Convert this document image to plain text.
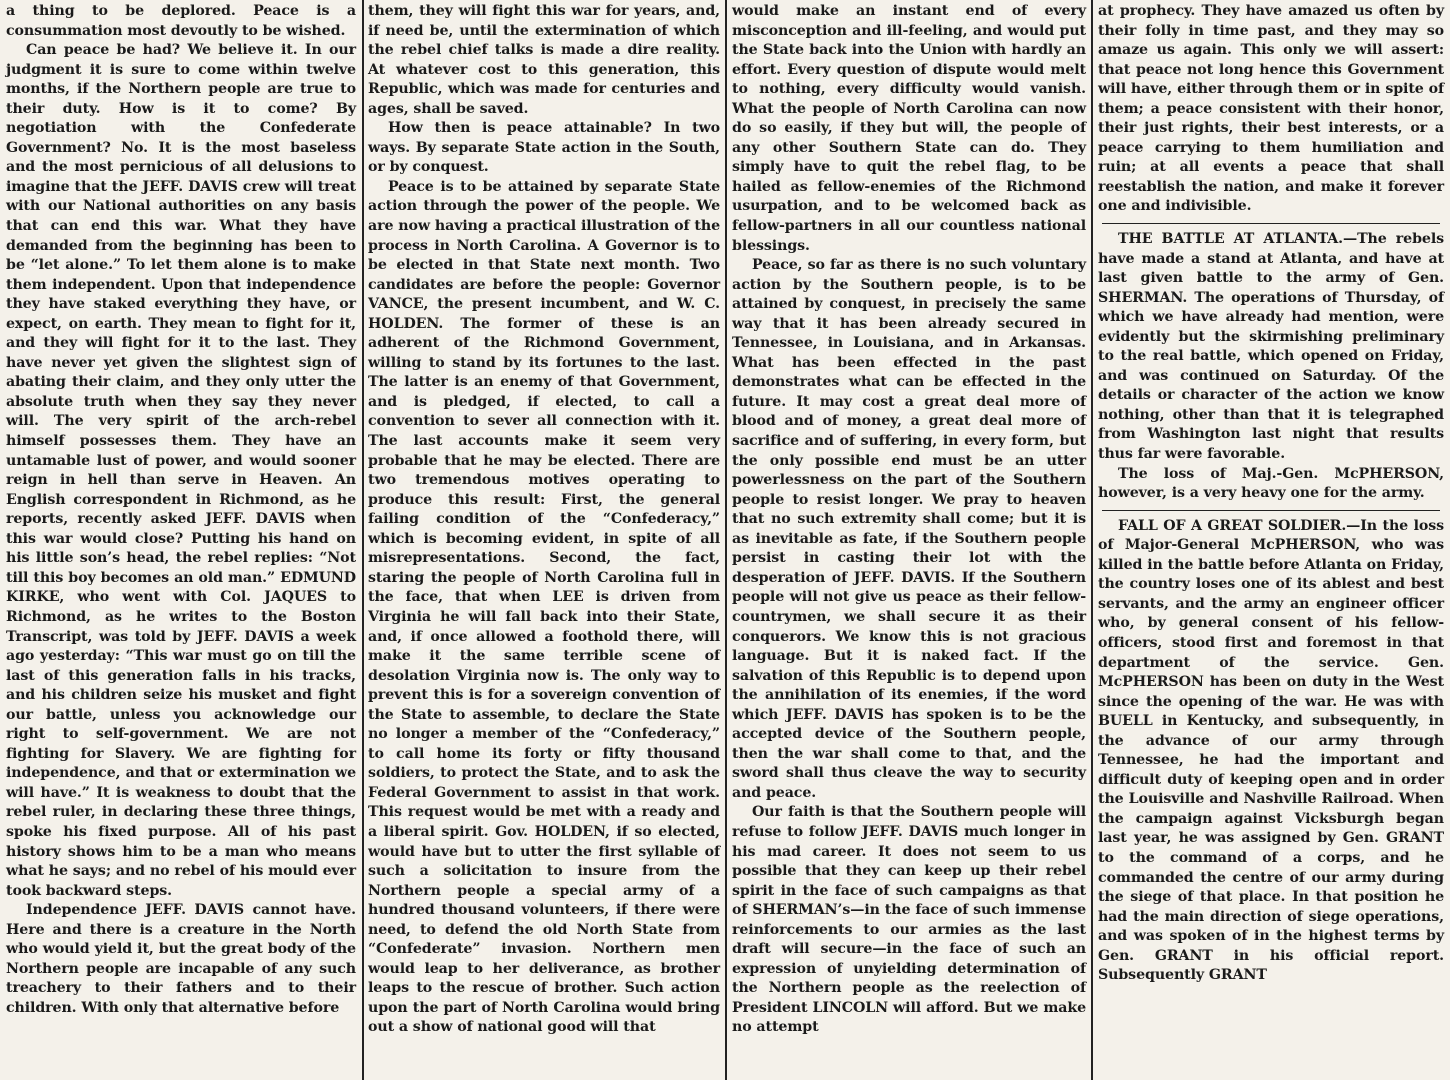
a thing to be deplored. Peace is a consummation most devoutly to be wished.

Can peace be had? We believe it. In our judgment it is sure to come within twelve months, if the Northern people are true to their duty. How is it to come? By negotiation with the Confederate Government? No. It is the most baseless and the most pernicious of all delusions to imagine that the JEFF. DAVIS crew will treat with our National authorities on any basis that can end this war. What they have demanded from the beginning has been to be “let alone.” To let them alone is to make them independent. Upon that independence they have staked everything they have, or expect, on earth. They mean to fight for it, and they will fight for it to the last. They have never yet given the slightest sign of abating their claim, and they only utter the absolute truth when they say they never will. The very spirit of the arch-rebel himself possesses them. They have an untamable lust of power, and would sooner reign in hell than serve in Heaven. An English correspondent in Richmond, as he reports, recently asked JEFF. DAVIS when this war would close? Putting his hand on his little son’s head, the rebel replies: “Not till this boy becomes an old man.” EDMUND KIRKE, who went with Col. JAQUES to Richmond, as he writes to the Boston Transcript, was told by JEFF. DAVIS a week ago yesterday: “This war must go on till the last of this generation falls in his tracks, and his children seize his musket and fight our battle, unless you acknowledge our right to self-government. We are not fighting for Slavery. We are fighting for independence, and that or extermination we will have.” It is weakness to doubt that the rebel ruler, in declaring these three things, spoke his fixed purpose. All of his past history shows him to be a man who means what he says; and no rebel of his mould ever took backward steps.

Independence JEFF. DAVIS cannot have. Here and there is a creature in the North who would yield it, but the great body of the Northern people are incapable of any such treachery to their fathers and to their children. With only that alternative before

them, they will fight this war for years, and, if need be, until the extermination of which the rebel chief talks is made a dire reality. At whatever cost to this generation, this Republic, which was made for centuries and ages, shall be saved.

How then is peace attainable? In two ways. By separate State action in the South, or by conquest.

Peace is to be attained by separate State action through the power of the people. We are now having a practical illustration of the process in North Carolina. A Governor is to be elected in that State next month. Two candidates are before the people: Governor VANCE, the present incumbent, and W. C. HOLDEN. The former of these is an adherent of the Richmond Government, willing to stand by its fortunes to the last. The latter is an enemy of that Government, and is pledged, if elected, to call a convention to sever all connection with it. The last accounts make it seem very probable that he may be elected. There are two tremendous motives operating to produce this result: First, the general failing condition of the “Confederacy,” which is becoming evident, in spite of all misrepresentations. Second, the fact, staring the people of North Carolina full in the face, that when LEE is driven from Virginia he will fall back into their State, and, if once allowed a foothold there, will make it the same terrible scene of desolation Virginia now is. The only way to prevent this is for a sovereign convention of the State to assemble, to declare the State no longer a member of the “Confederacy,” to call home its forty or fifty thousand soldiers, to protect the State, and to ask the Federal Government to assist in that work. This request would be met with a ready and a liberal spirit. Gov. HOLDEN, if so elected, would have but to utter the first syllable of such a solicitation to insure from the Northern people a special army of a hundred thousand volunteers, if there were need, to defend the old North State from “Confederate” invasion. Northern men would leap to her deliverance, as brother leaps to the rescue of brother. Such action upon the part of North Carolina would bring out a show of national good will that

would make an instant end of every misconception and ill-feeling, and would put the State back into the Union with hardly an effort. Every question of dispute would melt to nothing, every difficulty would vanish. What the people of North Carolina can now do so easily, if they but will, the people of any other Southern State can do. They simply have to quit the rebel flag, to be hailed as fellow-enemies of the Richmond usurpation, and to be welcomed back as fellow-partners in all our countless national blessings.

Peace, so far as there is no such voluntary action by the Southern people, is to be attained by conquest, in precisely the same way that it has been already secured in Tennessee, in Louisiana, and in Arkansas. What has been effected in the past demonstrates what can be effected in the future. It may cost a great deal more of blood and of money, a great deal more of sacrifice and of suffering, in every form, but the only possible end must be an utter powerlessness on the part of the Southern people to resist longer. We pray to heaven that no such extremity shall come; but it is as inevitable as fate, if the Southern people persist in casting their lot with the desperation of JEFF. DAVIS. If the Southern people will not give us peace as their fellow-countrymen, we shall secure it as their conquerors. We know this is not gracious language. But it is naked fact. If the salvation of this Republic is to depend upon the annihilation of its enemies, if the word which JEFF. DAVIS has spoken is to be the accepted device of the Southern people, then the war shall come to that, and the sword shall thus cleave the way to security and peace.

Our faith is that the Southern people will refuse to follow JEFF. DAVIS much longer in his mad career. It does not seem to us possible that they can keep up their rebel spirit in the face of such campaigns as that of SHERMAN’s—in the face of such immense reinforcements to our armies as the last draft will secure—in the face of such an expression of unyielding determination of the Northern people as the reelection of President LINCOLN will afford. But we make no attempt

at prophecy. They have amazed us often by their folly in time past, and they may so amaze us again. This only we will assert: that peace not long hence this Government will have, either through them or in spite of them; a peace consistent with their honor, their just rights, their best interests, or a peace carrying to them humiliation and ruin; at all events a peace that shall reestablish the nation, and make it forever one and indivisible.

THE BATTLE AT ATLANTA.—The rebels have made a stand at Atlanta, and have at last given battle to the army of Gen. SHERMAN. The operations of Thursday, of which we have already had mention, were evidently but the skirmishing preliminary to the real battle, which opened on Friday, and was continued on Saturday. Of the details or character of the action we know nothing, other than that it is telegraphed from Washington last night that results thus far were favorable.

The loss of Maj.-Gen. McPHERSON, however, is a very heavy one for the army.

FALL OF A GREAT SOLDIER.—In the loss of Major-General McPHERSON, who was killed in the battle before Atlanta on Friday, the country loses one of its ablest and best servants, and the army an engineer officer who, by general consent of his fellow-officers, stood first and foremost in that department of the service. Gen. McPHERSON has been on duty in the West since the opening of the war. He was with BUELL in Kentucky, and subsequently, in the advance of our army through Tennessee, he had the important and difficult duty of keeping open and in order the Louisville and Nashville Railroad. When the campaign against Vicksburgh began last year, he was assigned by Gen. GRANT to the command of a corps, and he commanded the centre of our army during the siege of that place. In that position he had the main direction of siege operations, and was spoken of in the highest terms by Gen. GRANT in his official report. Subsequently GRANT
